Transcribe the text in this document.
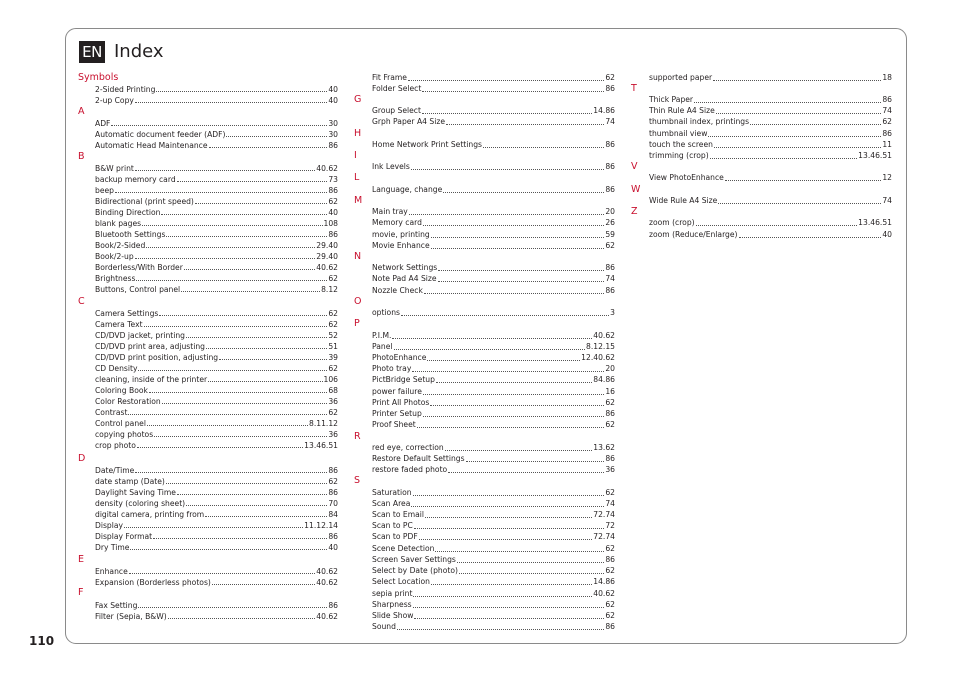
EN Index
110
Symbols
2-Sided Printing	40
2-up Copy	40
A
ADF	30
Automatic document feeder (ADF)	30
Automatic Head Maintenance	86
B
B&W print	40.62
backup memory card	73
beep	86
Bidirectional (print speed)	62
Binding Direction	40
blank pages	108
Bluetooth Settings	86
Book/2-Sided	29.40
Book/2-up	29.40
Borderless/With Border	40.62
Brightness	62
Buttons, Control panel	8.12
C
Camera Settings	62
Camera Text	62
CD/DVD jacket, printing	52
CD/DVD print area, adjusting	51
CD/DVD print position, adjusting	39
CD Density	62
cleaning, inside of the printer	106
Coloring Book	68
Color Restoration	36
Contrast	62
Control panel	8.11.12
copying photos	36
crop photo	13.46.51
D
Date/Time	86
date stamp (Date)	62
Daylight Saving Time	86
density (coloring sheet)	70
digital camera, printing from	84
Display	11.12.14
Display Format	86
Dry Time	40
E
Enhance	40.62
Expansion (Borderless photos)	40.62
F
Fax Setting	86
Filter (Sepia, B&W)	40.62
Fit Frame	62
Folder Select	86
G
Group Select	14.86
Grph Paper A4 Size	74
H
Home Network Print Settings	86
I
Ink Levels	86
L
Language, change	86
M
Main tray	20
Memory card	26
movie, printing	59
Movie Enhance	62
N
Network Settings	86
Note Pad A4 Size	74
Nozzle Check	86
O
options	3
P
P.I.M.	40.62
Panel	8.12.15
PhotoEnhance	12.40.62
Photo tray	20
PictBridge Setup	84.86
power failure	16
Print All Photos	62
Printer Setup	86
Proof Sheet	62
R
red eye, correction	13.62
Restore Default Settings	86
restore faded photo	36
S
Saturation	62
Scan Area	74
Scan to Email	72.74
Scan to PC	72
Scan to PDF	72.74
Scene Detection	62
Screen Saver Settings	86
Select by Date (photo)	62
Select Location	14.86
sepia print	40.62
Sharpness	62
Slide Show	62
Sound	86
supported paper	18
T
Thick Paper	86
Thin Rule A4 Size	74
thumbnail index, printings	62
thumbnail view	86
touch the screen	11
trimming (crop)	13.46.51
V
View PhotoEnhance	12
W
Wide Rule A4 Size	74
Z
zoom (crop)	13.46.51
zoom (Reduce/Enlarge)	40
